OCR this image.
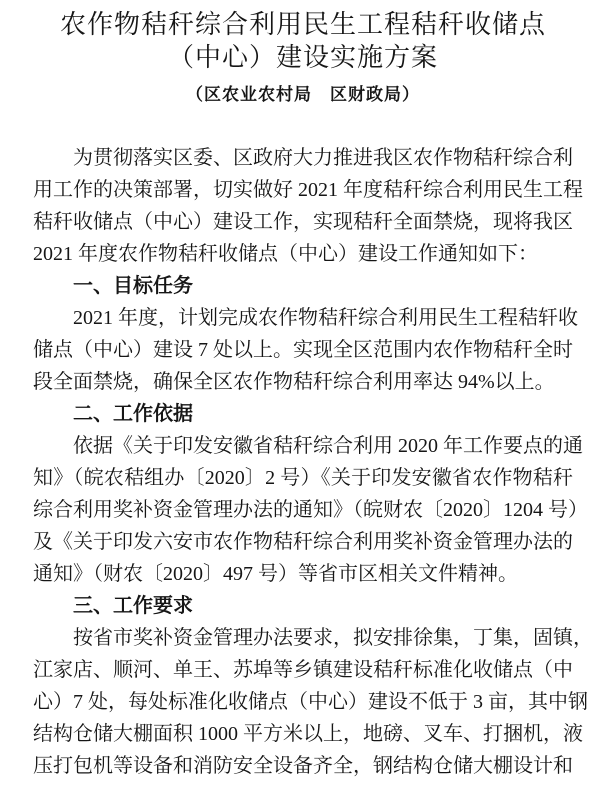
农作物秸秆综合利用民生工程秸秆收储点
（中心）建设实施方案
（区农业农村局　区财政局）
为贯彻落实区委、区政府大力推进我区农作物秸秆综合利
用工作的决策部署，切实做好 2021 年度秸秆综合利用民生工程
秸秆收储点（中心）建设工作，实现秸秆全面禁烧，现将我区
2021 年度农作物秸秆收储点（中心）建设工作通知如下：
一、目标任务
2021 年度，计划完成农作物秸秆综合利用民生工程秸轩收
储点（中心）建设 7 处以上。实现全区范围内农作物秸秆全时
段全面禁烧，确保全区农作物秸秆综合利用率达 94%以上。
二、工作依据
依据《关于印发安徽省秸秆综合利用 2020 年工作要点的通
知》（皖农秸组办〔2020〕2 号）《关于印发安徽省农作物秸秆
综合利用奖补资金管理办法的通知》（皖财农〔2020〕1204 号）
及《关于印发六安市农作物秸秆综合利用奖补资金管理办法的
通知》（财农〔2020〕497 号）等省市区相关文件精神。
三、工作要求
按省市奖补资金管理办法要求，拟安排徐集，丁集，固镇，
江家店、顺河、单王、苏埠等乡镇建设秸秆标准化收储点（中
心）7 处，每处标准化收储点（中心）建设不低于 3 亩，其中钢
结构仓储大棚面积 1000 平方米以上，地磅、叉车、打捆机，液
压打包机等设备和消防安全设备齐全，钢结构仓储大棚设计和
